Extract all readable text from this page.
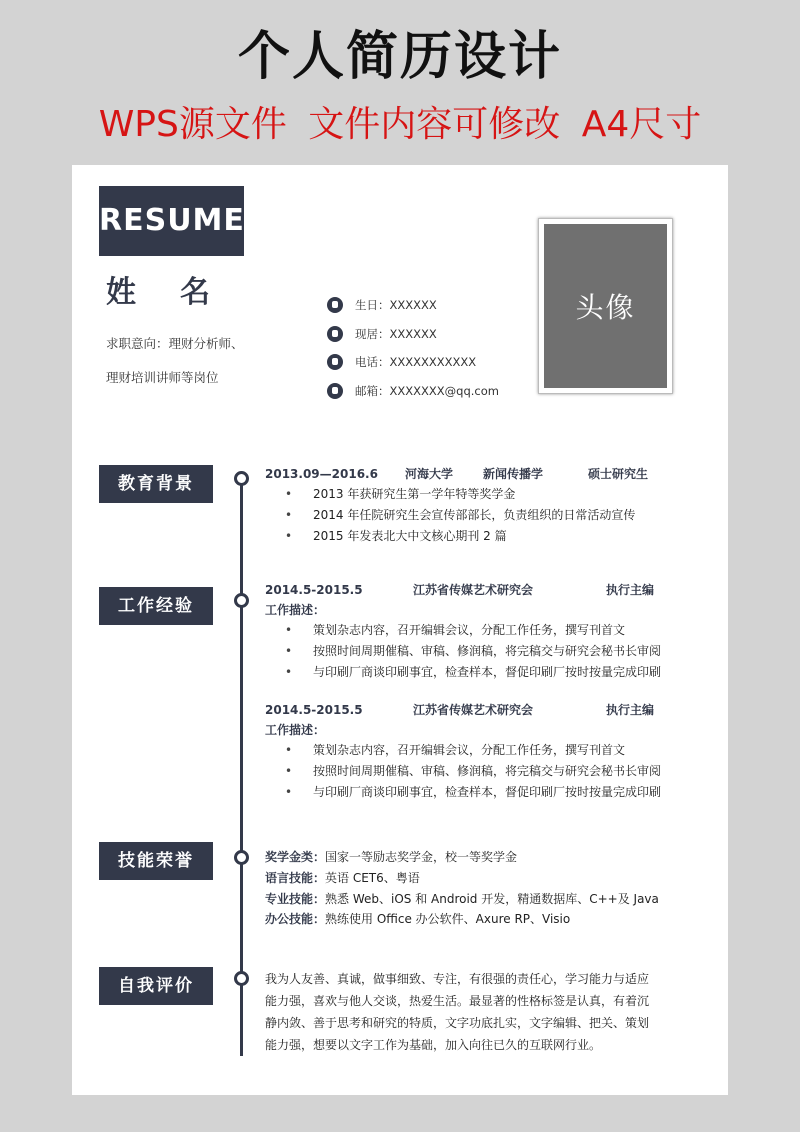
个人简历设计
WPS源文件 文件内容可修改 A4尺寸
RESUME
姓名
求职意向：理财分析师、
理财培训讲师等岗位
生日：XXXXXX
现居：XXXXXX
电话：XXXXXXXXXXX
邮箱：XXXXXXX@qq.com
头像
教育背景	2013.09—2016.6	河海大学	新闻传播学	硕士研究生
• 2013 年获研究生第一学年特等奖学金
• 2014 年任院研究生会宣传部部长，负责组织的日常活动宣传
• 2015 年发表北大中文核心期刊 2 篇
工作经验
2014.5-2015.5	江苏省传媒艺术研究会	执行主编
工作描述：
• 策划杂志内容，召开编辑会议，分配工作任务，撰写刊首文
• 按照时间周期催稿、审稿、修润稿，将完稿交与研究会秘书长审阅
• 与印刷厂商谈印刷事宜，检查样本，督促印刷厂按时按量完成印刷
2014.5-2015.5	江苏省传媒艺术研究会	执行主编
工作描述：
• 策划杂志内容，召开编辑会议，分配工作任务，撰写刊首文
• 按照时间周期催稿、审稿、修润稿，将完稿交与研究会秘书长审阅
• 与印刷厂商谈印刷事宜，检查样本，督促印刷厂按时按量完成印刷
技能荣誉	奖学金类：国家一等励志奖学金，校一等奖学金
语言技能：英语 CET6、粤语
专业技能：熟悉 Web、iOS 和 Android 开发，精通数据库、C++及 Java
办公技能：熟练使用 Office 办公软件、Axure RP、Visio
自我评价	我为人友善、真诚，做事细致、专注，有很强的责任心，学习能力与适应
能力强，喜欢与他人交谈，热爱生活。最显著的性格标签是认真，有着沉
静内敛、善于思考和研究的特质，文字功底扎实，文字编辑、把关、策划
能力强，想要以文字工作为基础，加入向往已久的互联网行业。
